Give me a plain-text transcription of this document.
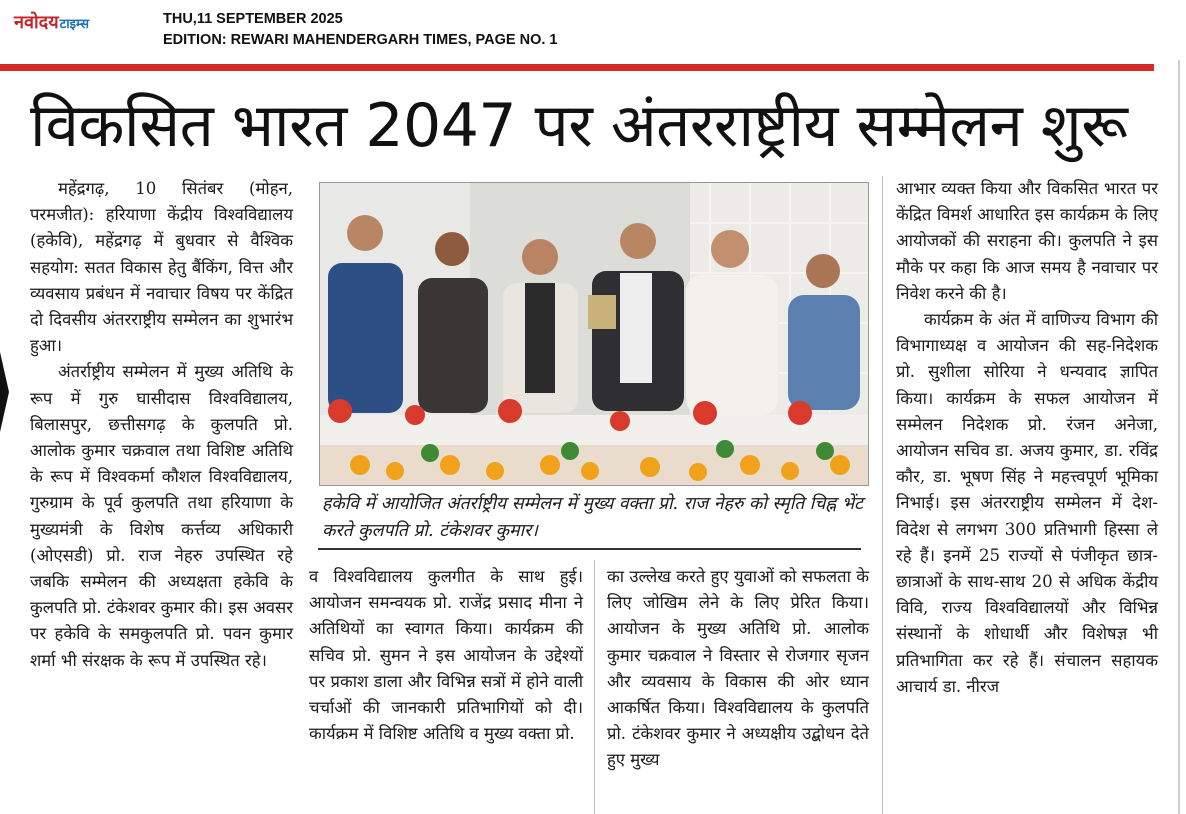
नवोदयटाइम्स	THU,11 SEPTEMBER 2025
EDITION: REWARI MAHENDERGARH TIMES, PAGE NO. 1
विकसित भारत 2047 पर अंतरराष्ट्रीय सम्मेलन शुरू

महेंद्रगढ़, 10 सितंबर (मोहन, परमजीत): हरियाणा केंद्रीय विश्वविद्यालय (हकेवि), महेंद्रगढ़ में बुधवार से वैश्विक सहयोग: सतत विकास हेतु बैंकिंग, वित्त और व्यवसाय प्रबंधन में नवाचार विषय पर केंद्रित दो दिवसीय अंतरराष्ट्रीय सम्मेलन का शुभारंभ हुआ।

अंतर्राष्ट्रीय सम्मेलन में मुख्य अतिथि के रूप में गुरु घासीदास विश्वविद्यालय, बिलासपुर, छत्तीसगढ़ के कुलपति प्रो. आलोक कुमार चक्रवाल तथा विशिष्ट अतिथि के रूप में विश्वकर्मा कौशल विश्वविद्यालय, गुरुग्राम के पूर्व कुलपति तथा हरियाणा के मुख्यमंत्री के विशेष कर्त्तव्य अधिकारी (ओएसडी) प्रो. राज नेहरु उपस्थित रहे जबकि सम्मेलन की अध्यक्षता हकेवि के कुलपति प्रो. टंकेशवर कुमार की। इस अवसर पर हकेवि के समकुलपति प्रो. पवन कुमार शर्मा भी संरक्षक के रूप में उपस्थित रहे।

हकेवि में आयोजित अंतर्राष्ट्रीय सम्मेलन में मुख्य वक्ता प्रो. राज नेहरु को स्मृति चिह्न भेंट करते कुलपति प्रो. टंकेशवर कुमार।

व विश्वविद्यालय कुलगीत के साथ हुई। आयोजन समन्वयक प्रो. राजेंद्र प्रसाद मीना ने अतिथियों का स्वागत किया। कार्यक्रम की सचिव प्रो. सुमन ने इस आयोजन के उद्देश्यों पर प्रकाश डाला और विभिन्न सत्रों में होने वाली चर्चाओं की जानकारी प्रतिभागियों को दी। कार्यक्रम में विशिष्ट अतिथि व मुख्य वक्ता प्रो.

का उल्लेख करते हुए युवाओं को सफलता के लिए जोखिम लेने के लिए प्रेरित किया। आयोजन के मुख्य अतिथि प्रो. आलोक कुमार चक्रवाल ने विस्तार से रोजगार सृजन और व्यवसाय के विकास की ओर ध्यान आकर्षित किया। विश्वविद्यालय के कुलपति प्रो. टंकेशवर कुमार ने अध्यक्षीय उद्बोधन देते हुए मुख्य

आभार व्यक्त किया और विकसित भारत पर केंद्रित विमर्श आधारित इस कार्यक्रम के लिए आयोजकों की सराहना की। कुलपति ने इस मौके पर कहा कि आज समय है नवाचार पर निवेश करने की है।

कार्यक्रम के अंत में वाणिज्य विभाग की विभागाध्यक्ष व आयोजन की सह-निदेशक प्रो. सुशीला सोरिया ने धन्यवाद ज्ञापित किया। कार्यक्रम के सफल आयोजन में सम्मेलन निदेशक प्रो. रंजन अनेजा, आयोजन सचिव डा. अजय कुमार, डा. रविंद्र कौर, डा. भूषण सिंह ने महत्त्वपूर्ण भूमिका निभाई। इस अंतरराष्ट्रीय सम्मेलन में देश-विदेश से लगभग 300 प्रतिभागी हिस्सा ले रहे हैं। इनमें 25 राज्यों से पंजीकृत छात्र-छात्राओं के साथ-साथ 20 से अधिक केंद्रीय विवि, राज्य विश्वविद्यालयों और विभिन्न संस्थानों के शोधार्थी और विशेषज्ञ भी प्रतिभागिता कर रहे हैं। संचालन सहायक आचार्य डा. नीरज
